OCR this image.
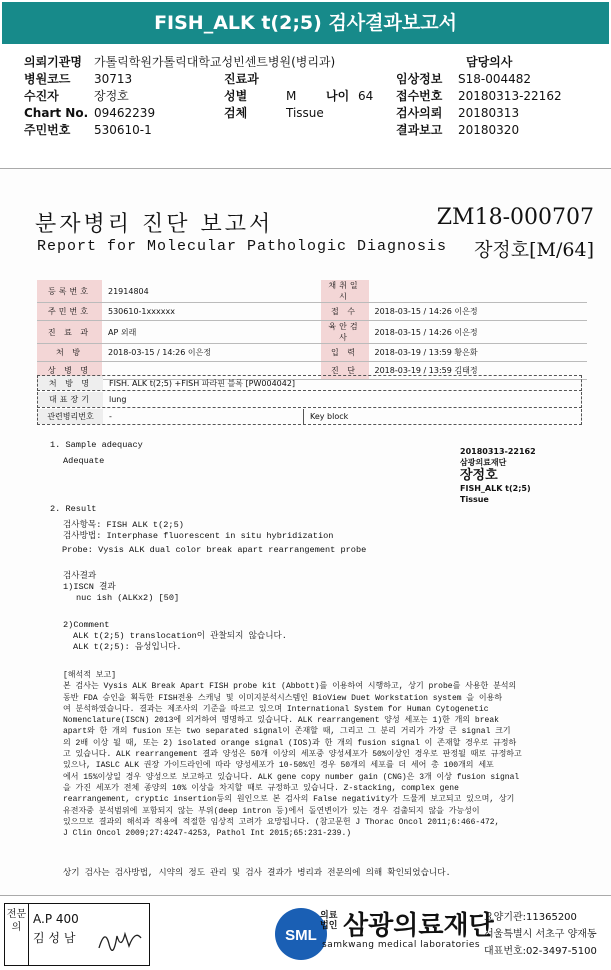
FISH_ALK t(2;5) 검사결과보고서
의뢰기관명	가톨릭학원가톨릭대학교성빈센트병원(병리과)	담당의사
병원코드	30713	진료과	임상정보	S18-004482
수진자	장정호	성별	M	나이 64	접수번호	20180313-22162
Chart No. 09462239	검체	Tissue	검사의뢰	20180313
주민번호	530610-1	결과보고	20180320
분자병리 진단 보고서
Report for Molecular Pathologic Diagnosis
ZM18-000707
장정호[M/64]
등록번호	21914804	채취일시	
주민번호	530610-1xxxxxx	접 수	2018-03-15 / 14:26 이은정
진 료 과	AP 외래	육안검사	2018-03-15 / 14:26 이은정
처 방	2018-03-15 / 14:26 이은정	입 력	2018-03-19 / 13:59 황은화
상 병 명		진 단	2018-03-19 / 13:59 김태정
처 방 명	FISH. ALK t(2;5) +FISH 파라핀 블록 [PW004042]
대표장기	lung
관련병리번호	-	Key block
20180313-22162
삼광의료재단
장정호
FISH_ALK t(2;5)
Tissue
1. Sample adequacy
Adequate
2. Result
검사항목: FISH ALK t(2;5)
검사방법: Interphase fluorescent in situ hybridization
Probe: Vysis ALK dual color break apart rearrangement probe
검사결과
1)ISCN 결과
nuc ish (ALKx2) [50]
2)Comment
ALK t(2;5) translocation이 관찰되지 않습니다.
ALK t(2;5): 음성입니다.
[해석적 보고]
본 검사는 Vysis ALK Break Apart FISH probe kit (Abbott)를 이용하여 시행하고, 상기 probe를 사용한 분석의
동반 FDA 승인을 획득한 FISH전용 스캐닝 및 이미지분석시스템인 BioView Duet Workstation system 을 이용하
여 분석하였습니다. 결과는 제조사의 기준을 따르고 있으며 International System for Human Cytogenetic
Nomenclature(ISCN) 2013에 의거하여 명명하고 있습니다. ALK rearrangement 양성 세포는 1)한 개의 break
apart와 한 개의 fusion 또는 two separated signal이 존재할 때, 그리고 그 분리 거리가 가장 큰 signal 크기
의 2배 이상 될 때, 또는 2) isolated orange signal (IOS)과 한 개의 fusion signal 이 존재할 경우로 규정하
고 있습니다. ALK rearrangement 결과 양성은 50개 이상의 세포중 양성세포가 50%이상인 경우로 판정될 때로 규정하고
있으나, IASLC ALK 권장 가이드라인에 따라 양성세포가 10-50%인 경우 50개의 세포를 더 세어 총 100개의 세포
에서 15%이상일 경우 양성으로 보고하고 있습니다. ALK gene copy number gain (CNG)은 3개 이상 fusion signal
을 가진 세포가 전체 종양의 10% 이상을 차지할 때로 규정하고 있습니다. Z-stacking, complex gene
rearrangement, cryptic insertion등의 원인으로 본 검사의 False negativity가 드물게 보고되고 있으며, 상기
유전자중 분석범위에 포함되지 않는 부위(deep intron 등)에서 돌연변이가 있는 경우 검출되지 않을 가능성이
있으므로 결과의 해석과 적용에 적절한 임상적 고려가 요망됩니다. (참고문헌 J Thorac Oncol 2011;6:466-472,
J Clin Oncol 2009;27:4247-4253, Pathol Int 2015;65:231-239.)
상기 검사는 검사방법, 시약의 정도 관리 및 검사 결과가 병리과 전문의에 의해 확인되었습니다.
전문의
A.P 400
김 성 남	SML
의료법인 삼광의료재단
samkwang medical laboratories
요양기관:11365200
서울특별시 서초구 양재동
대표번호:02-3497-5100
